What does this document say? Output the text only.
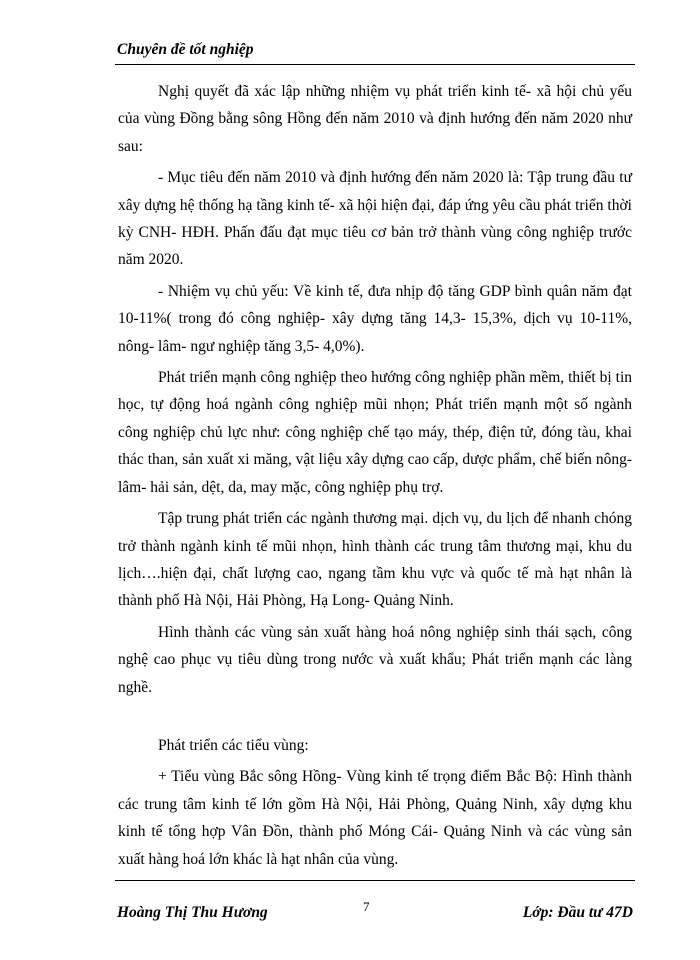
Chuyên đề tốt nghiệp

Nghị quyết đã xác lập những nhiệm vụ phát triển kinh tế- xã hội chủ yếu của vùng Đồng bằng sông Hồng đến năm 2010 và định hướng đến năm 2020 như sau:

- Mục tiêu đến năm 2010 và định hướng đến năm 2020 là: Tập trung đầu tư xây dựng hệ thống hạ tầng kinh tế- xã hội hiện đại, đáp ứng yêu cầu phát triển thời kỳ CNH- HĐH. Phấn đấu đạt mục tiêu cơ bản trở thành vùng công nghiệp trước năm 2020.

- Nhiệm vụ chủ yếu: Về kinh tế, đưa nhịp độ tăng GDP bình quân năm đạt 10-11%( trong đó công nghiệp- xây dựng tăng 14,3- 15,3%, dịch vụ 10-11%, nông- lâm- ngư nghiệp tăng 3,5- 4,0%).

Phát triển mạnh công nghiệp theo hướng công nghiệp phần mềm, thiết bị tin học, tự động hoá ngành công nghiệp mũi nhọn; Phát triển mạnh một số ngành công nghiệp chủ lực như: công nghiệp chế tạo máy, thép, điện tử, đóng tàu, khai thác than, sản xuất xi măng, vật liệu xây dựng cao cấp, dược phẩm, chế biến nông- lâm- hải sản, dệt, da, may mặc, công nghiệp phụ trợ.

Tập trung phát triển các ngành thương mại. dịch vụ, du lịch để nhanh chóng trở thành ngành kinh tế mũi nhọn, hình thành các trung tâm thương mại, khu du lịch….hiện đại, chất lượng cao, ngang tầm khu vực và quốc tế mà hạt nhân là thành phố Hà Nội, Hải Phòng, Hạ Long- Quảng Ninh.

Hình thành các vùng sản xuất hàng hoá nông nghiệp sinh thái sạch, công nghệ cao phục vụ tiêu dùng trong nước và xuất khẩu; Phát triển mạnh các làng nghề.

Phát triển các tiểu vùng:

+ Tiểu vùng Bắc sông Hồng- Vùng kinh tế trọng điểm Bắc Bộ: Hình thành các trung tâm kinh tế lớn gồm Hà Nội, Hải Phòng, Quảng Ninh, xây dựng khu kinh tế tổng hợp Vân Đồn, thành phố Móng Cái- Quảng Ninh và các vùng sản xuất hàng hoá lớn khác là hạt nhân của vùng.

Hoàng Thị Thu Hương	7	Lớp: Đầu tư 47D
